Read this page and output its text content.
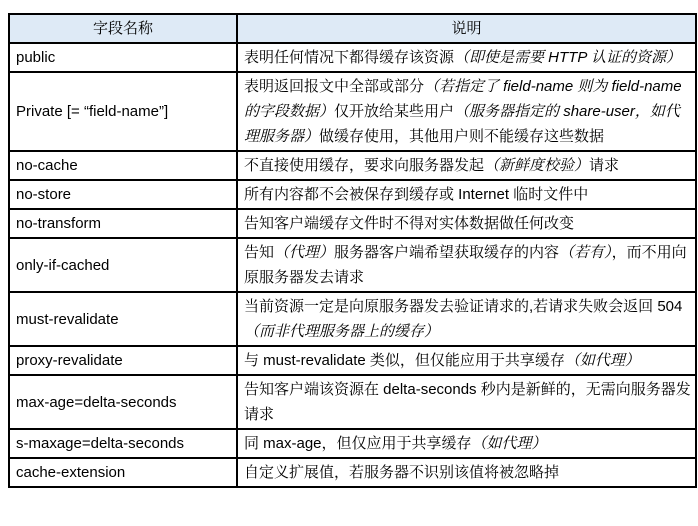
字段名称	说明
public	表明任何情况下都得缓存该资源（即使是需要 HTTP 认证的资源）
Private [= “field-name”]	表明返回报文中全部或部分（若指定了 field-name 则为 field-name 的字段数据）仅开放给某些用户（服务器指定的 share-user，如代理服务器）做缓存使用，其他用户则不能缓存这些数据
no-cache	不直接使用缓存，要求向服务器发起（新鲜度校验）请求
no-store	所有内容都不会被保存到缓存或 Internet 临时文件中
no-transform	告知客户端缓存文件时不得对实体数据做任何改变
only-if-cached	告知（代理）服务器客户端希望获取缓存的内容（若有），而不用向原服务器发去请求
must-revalidate	当前资源一定是向原服务器发去验证请求的,若请求失败会返回 504（而非代理服务器上的缓存）
proxy-revalidate	与 must-revalidate 类似，但仅能应用于共享缓存（如代理）
max-age=delta-seconds	告知客户端该资源在 delta-seconds 秒内是新鲜的，无需向服务器发请求
s-maxage=delta-seconds	同 max-age，但仅应用于共享缓存（如代理）
cache-extension	自定义扩展值，若服务器不识别该值将被忽略掉
